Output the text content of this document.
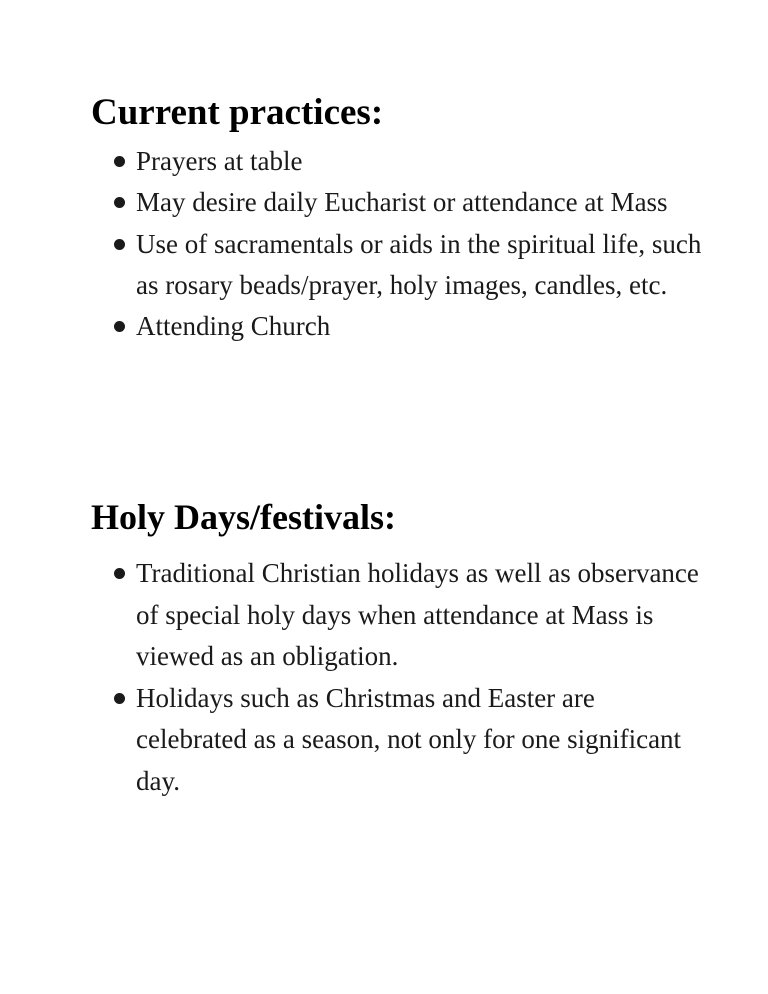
Current practices:
Prayers at table
May desire daily Eucharist or attendance at Mass
Use of sacramentals or aids in the spiritual life, such as rosary beads/prayer, holy images, candles, etc.
Attending Church
Holy Days/festivals:
Traditional Christian holidays as well as observance of special holy days when attendance at Mass is viewed as an obligation.
Holidays such as Christmas and Easter are celebrated as a season, not only for one significant day.
